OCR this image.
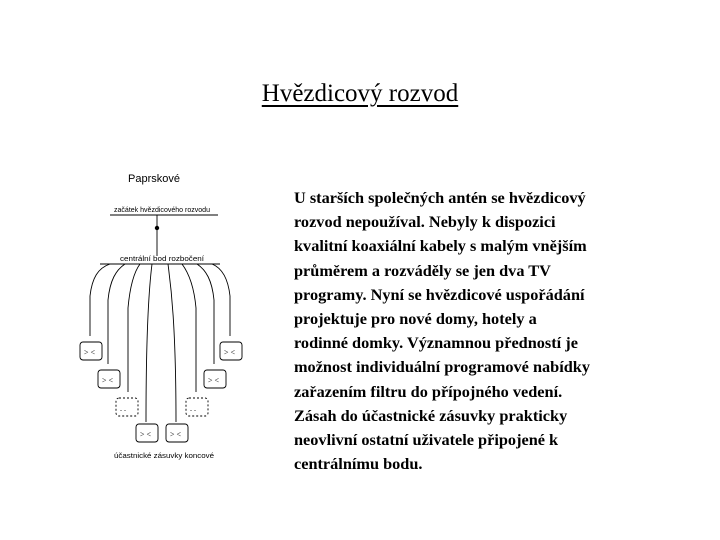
Hvězdicový rozvod
Paprskové
začátek hvězdicového rozvodu
centrální bod rozbočení
> <
> <
. .
> < > <
. .
> <
> <
účastnické zásuvky koncové
U starších společných antén se hvězdicový
rozvod nepoužíval. Nebyly k dispozici
kvalitní koaxiální kabely s malým vnějším
průměrem a rozváděly se jen dva TV
programy. Nyní se hvězdicové uspořádání
projektuje pro nové domy, hotely a
rodinné domky. Významnou předností je
možnost individuální programové nabídky
zařazením filtru do přípojného vedení.
Zásah do účastnické zásuvky prakticky
neovlivní ostatní uživatele připojené k
centrálnímu bodu.
